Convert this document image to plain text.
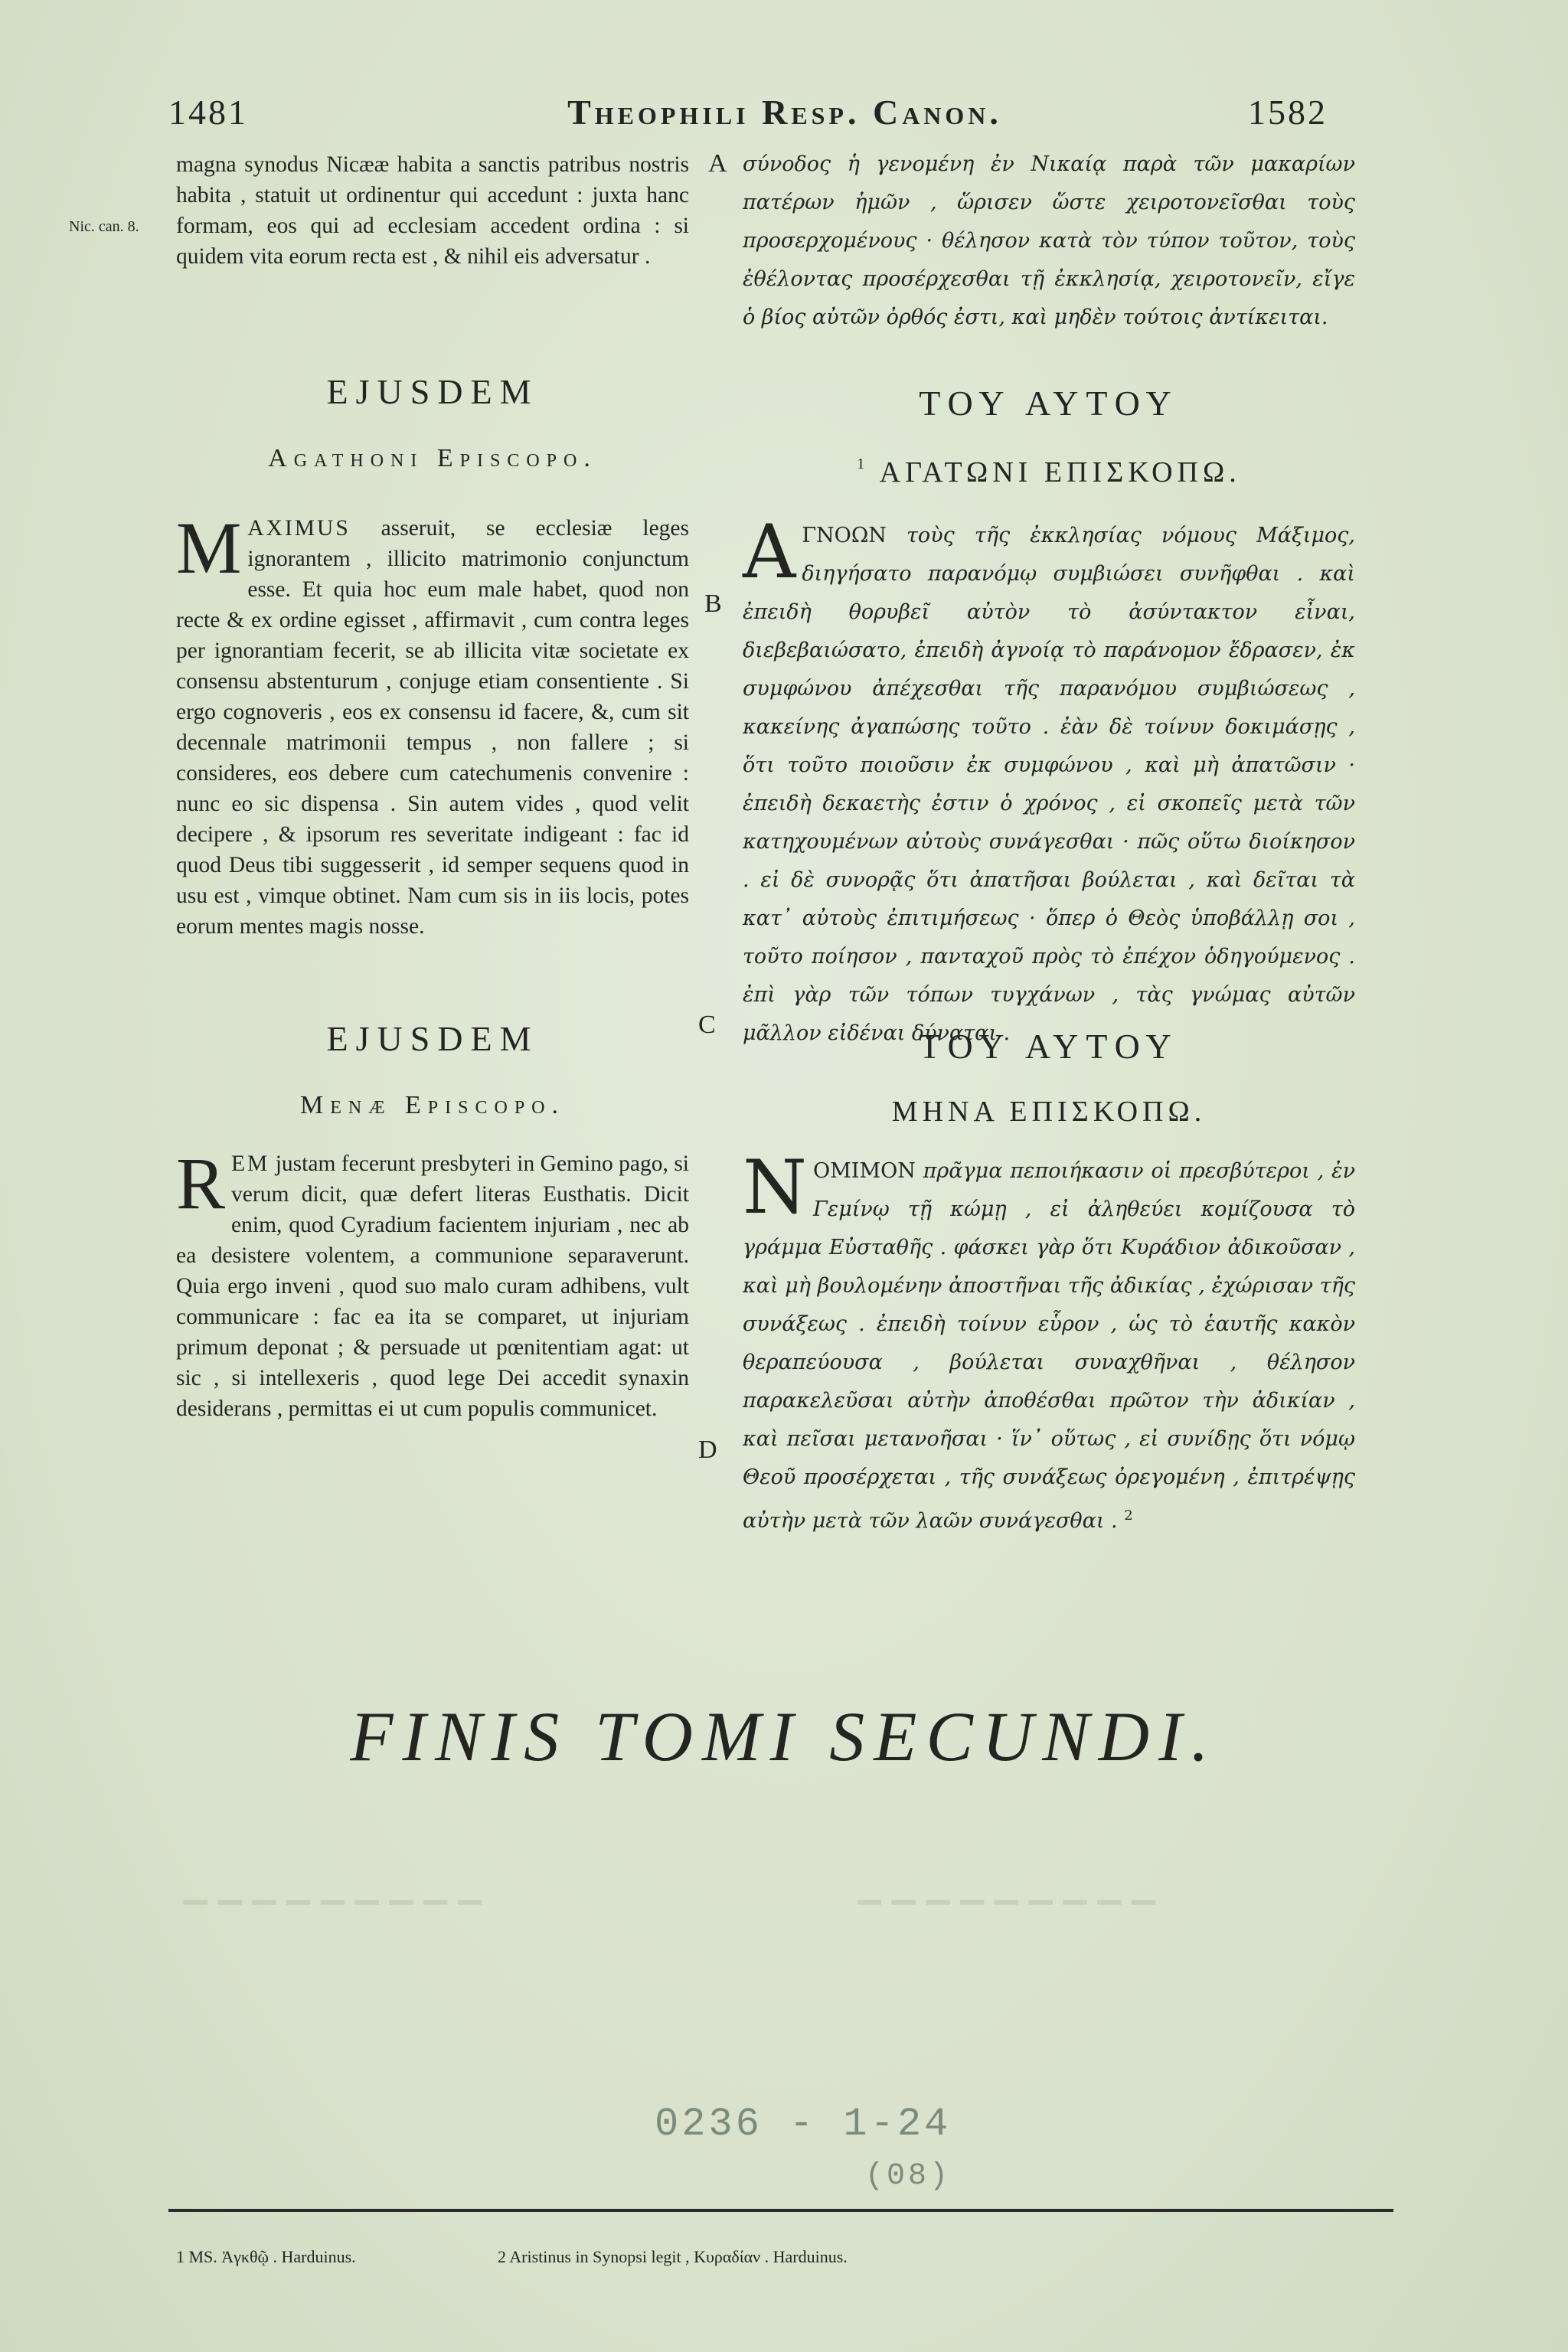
1481	Theophili Resp. Canon.	1582
Nic. can. 8.
A
B
C
D

magna synodus Nicææ habita a sanctis patribus nostris habita , statuit ut ordinentur qui accedunt : juxta hanc formam, eos qui ad ecclesiam accedent ordina : si quidem vita eorum recta est , & nihil eis adversatur .

EJUSDEM
Agathoni Episcopo.

MAXIMUS asseruit, se ecclesiæ leges ignorantem , illicito matrimonio conjunctum esse. Et quia hoc eum male habet, quod non recte & ex ordine egisset , affirmavit , cum contra leges per ignorantiam fecerit, se ab illicita vitæ societate ex consensu abstenturum , conjuge etiam consentiente . Si ergo cognoveris , eos ex consensu id facere, &, cum sit decennale matrimonii tempus , non fallere ; si consideres, eos debere cum catechumenis convenire : nunc eo sic dispensa . Sin autem vides , quod velit decipere , & ipsorum res severitate indigeant : fac id quod Deus tibi suggesserit , id semper sequens quod in usu est , vimque obtinet. Nam cum sis in iis locis, potes eorum mentes magis nosse.

EJUSDEM
Menæ Episcopo.

REM justam fecerunt presbyteri in Gemino pago, si verum dicit, quæ defert literas Eusthatis. Dicit enim, quod Cyradium facientem injuriam , nec ab ea desistere volentem, a communione separaverunt. Quia ergo inveni , quod suo malo curam adhibens, vult communicare : fac ea ita se comparet, ut injuriam primum deponat ; & persuade ut pœnitentiam agat: ut sic , si intellexeris , quod lege Dei accedit synaxin desiderans , permittas ei ut cum populis communicet.

σύνοδος ἡ γενομένη ἐν Νικαίᾳ παρὰ τῶν μακαρίων πατέρων ἡμῶν , ὥρισεν ὥστε χειροτονεῖσθαι τοὺς προσερχομένους · θέλησον κατὰ τὸν τύπον τοῦτον, τοὺς ἐθέλοντας προσέρχεσθαι τῇ ἐκκλησίᾳ, χειροτονεῖν, εἴγε ὁ βίος αὐτῶν ὀρθός ἐστι, καὶ μηδὲν τούτοις ἀντίκειται.

ΤΟΥ ΑΥΤΟΥ
$^1$ ΑΓΑΤΩΝΙ ΕΠΙΣΚΟΠΩ.

ΑΓΝΟΩΝ τοὺς τῆς ἐκκλησίας νόμους Μάξιμος, διηγήσατο παρανόμῳ συμβιώσει συνῆφθαι . καὶ ἐπειδὴ θορυβεῖ αὐτὸν τὸ ἀσύντακτον εἶναι, διεβεβαιώσατο, ἐπειδὴ ἀγνοίᾳ τὸ παράνομον ἔδρασεν, ἐκ συμφώνου ἀπέχεσθαι τῆς παρανόμου συμβιώσεως , κακείνης ἀγαπώσης τοῦτο . ἐὰν δὲ τοίνυν δοκιμάσῃς , ὅτι τοῦτο ποιοῦσιν ἐκ συμφώνου , καὶ μὴ ἀπατῶσιν · ἐπειδὴ δεκαετὴς ἐστιν ὁ χρόνος , εἰ σκοπεῖς μετὰ τῶν κατηχουμένων αὐτοὺς συνάγεσθαι · πῶς οὕτω διοίκησον . εἰ δὲ συνορᾷς ὅτι ἀπατῆσαι βούλεται , καὶ δεῖται τὰ κατ᾽ αὐτοὺς ἐπιτιμήσεως · ὅπερ ὁ Θεὸς ὑποβάλλῃ σοι , τοῦτο ποίησον , πανταχοῦ πρὸς τὸ ἐπέχον ὁδηγούμενος . ἐπὶ γὰρ τῶν τόπων τυγχάνων , τὰς γνώμας αὐτῶν μᾶλλον εἰδέναι δύναται .

ΤΟΥ ΑΥΤΟΥ
ΜΗΝΑ ΕΠΙΣΚΟΠΩ.

ΝΟΜΙΜΟΝ πρᾶγμα πεποιήκασιν οἱ πρεσβύτεροι , ἐν Γεμίνῳ τῇ κώμῃ , εἰ ἀληθεύει κομίζουσα τὸ γράμμα Εὐσταθῆς . φάσκει γὰρ ὅτι Κυράδιον ἀδικοῦσαν , καὶ μὴ βουλομένην ἀποστῆναι τῆς ἀδικίας , ἐχώρισαν τῆς συνάξεως . ἐπειδὴ τοίνυν εὗρον , ὡς τὸ ἑαυτῆς κακὸν θεραπεύουσα , βούλεται συναχθῆναι , θέλησον παρακελεῦσαι αὐτὴν ἀποθέσθαι πρῶτον τὴν ἀδικίαν , καὶ πεῖσαι μετανοῆσαι · ἵν᾽ οὕτως , εἰ συνίδῃς ὅτι νόμῳ Θεοῦ προσέρχεται , τῆς συνάξεως ὀρεγομένη , ἐπιτρέψῃς αὐτὴν μετὰ τῶν λαῶν συνάγεσθαι . $^2$

FINIS TOMI SECUNDI.
▔▔▔▔▔▔▔▔▔	▔▔▔▔▔▔▔▔▔
0236 - 1-24
(08)
1 MS. Ἀγκθῷ . Harduinus.	2 Aristinus in Synopsi legit , Κυραδίαν . Harduinus.
